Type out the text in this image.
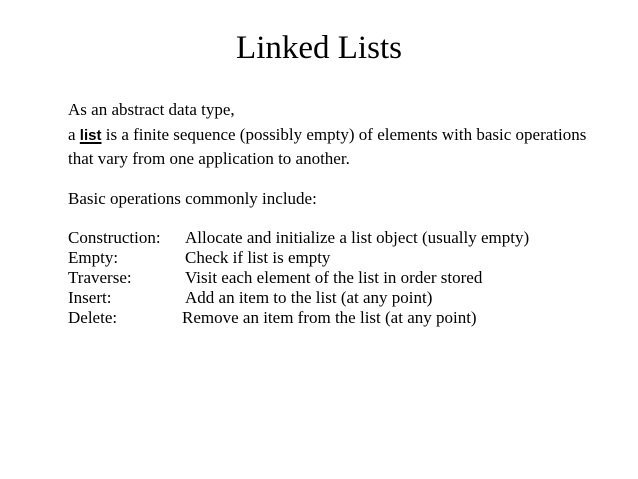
Linked Lists
As an abstract data type,
a list is a finite sequence (possibly empty) of elements with basic operations
that vary from one application to another.
Basic operations commonly include:
Construction: Allocate and initialize a list object (usually empty)
Empty:	Check if list is empty
Traverse:	Visit each element of the list in order stored
Insert:	Add an item to the list (at any point)
Delete:	Remove an item from the list (at any point)
